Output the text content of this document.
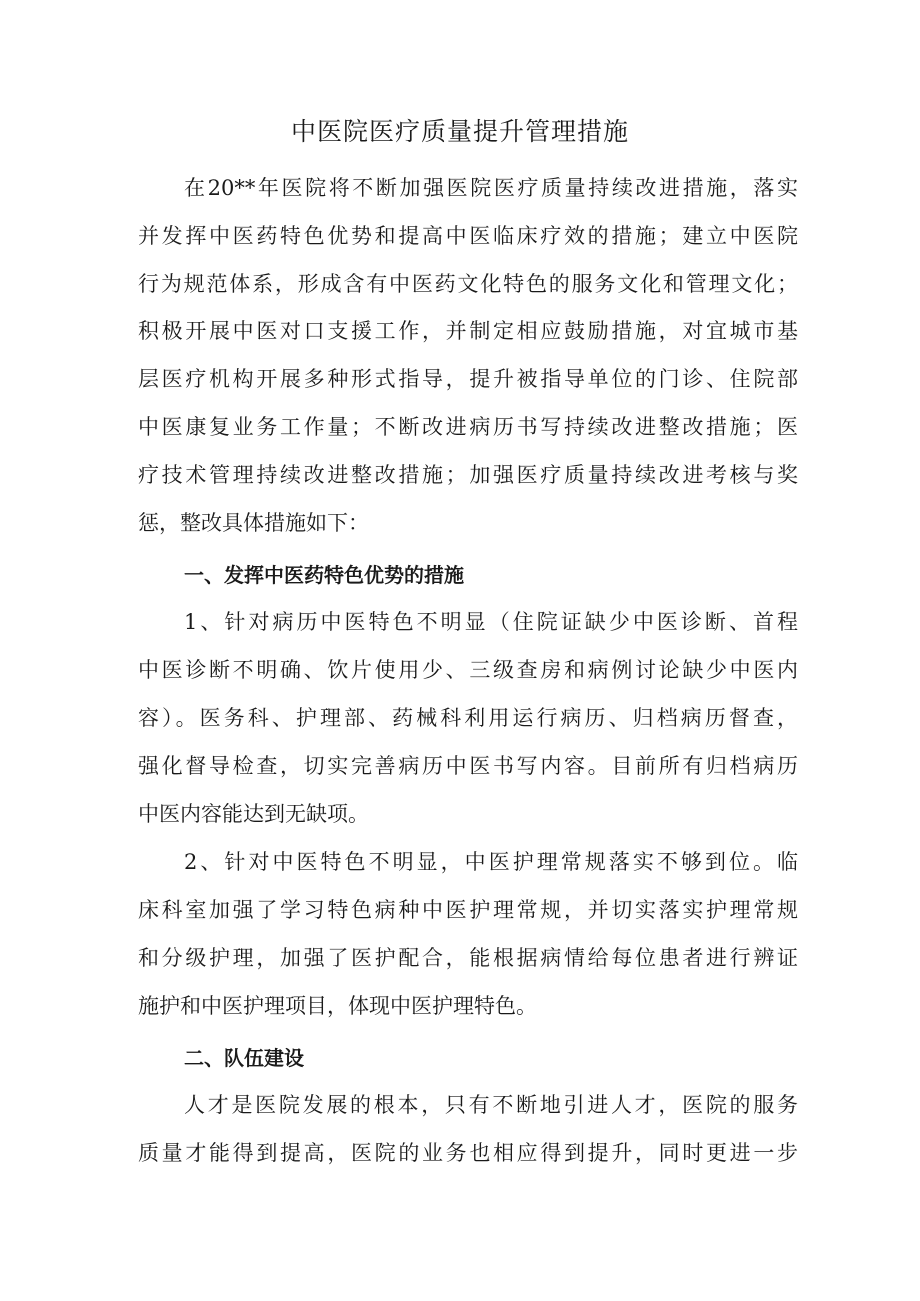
中医院医疗质量提升管理措施

在20**年医院将不断加强医院医疗质量持续改进措施，落实

并发挥中医药特色优势和提高中医临床疗效的措施；建立中医院

行为规范体系，形成含有中医药文化特色的服务文化和管理文化；

积极开展中医对口支援工作，并制定相应鼓励措施，对宜城市基

层医疗机构开展多种形式指导，提升被指导单位的门诊、住院部

中医康复业务工作量；不断改进病历书写持续改进整改措施；医

疗技术管理持续改进整改措施；加强医疗质量持续改进考核与奖

惩，整改具体措施如下：

一、发挥中医药特色优势的措施

1、针对病历中医特色不明显（住院证缺少中医诊断、首程

中医诊断不明确、饮片使用少、三级查房和病例讨论缺少中医内

容）。医务科、护理部、药械科利用运行病历、归档病历督查，

强化督导检查，切实完善病历中医书写内容。目前所有归档病历

中医内容能达到无缺项。

2、针对中医特色不明显，中医护理常规落实不够到位。临

床科室加强了学习特色病种中医护理常规，并切实落实护理常规

和分级护理，加强了医护配合，能根据病情给每位患者进行辨证

施护和中医护理项目，体现中医护理特色。

二、队伍建设

人才是医院发展的根本，只有不断地引进人才，医院的服务

质量才能得到提高，医院的业务也相应得到提升，同时更进一步
